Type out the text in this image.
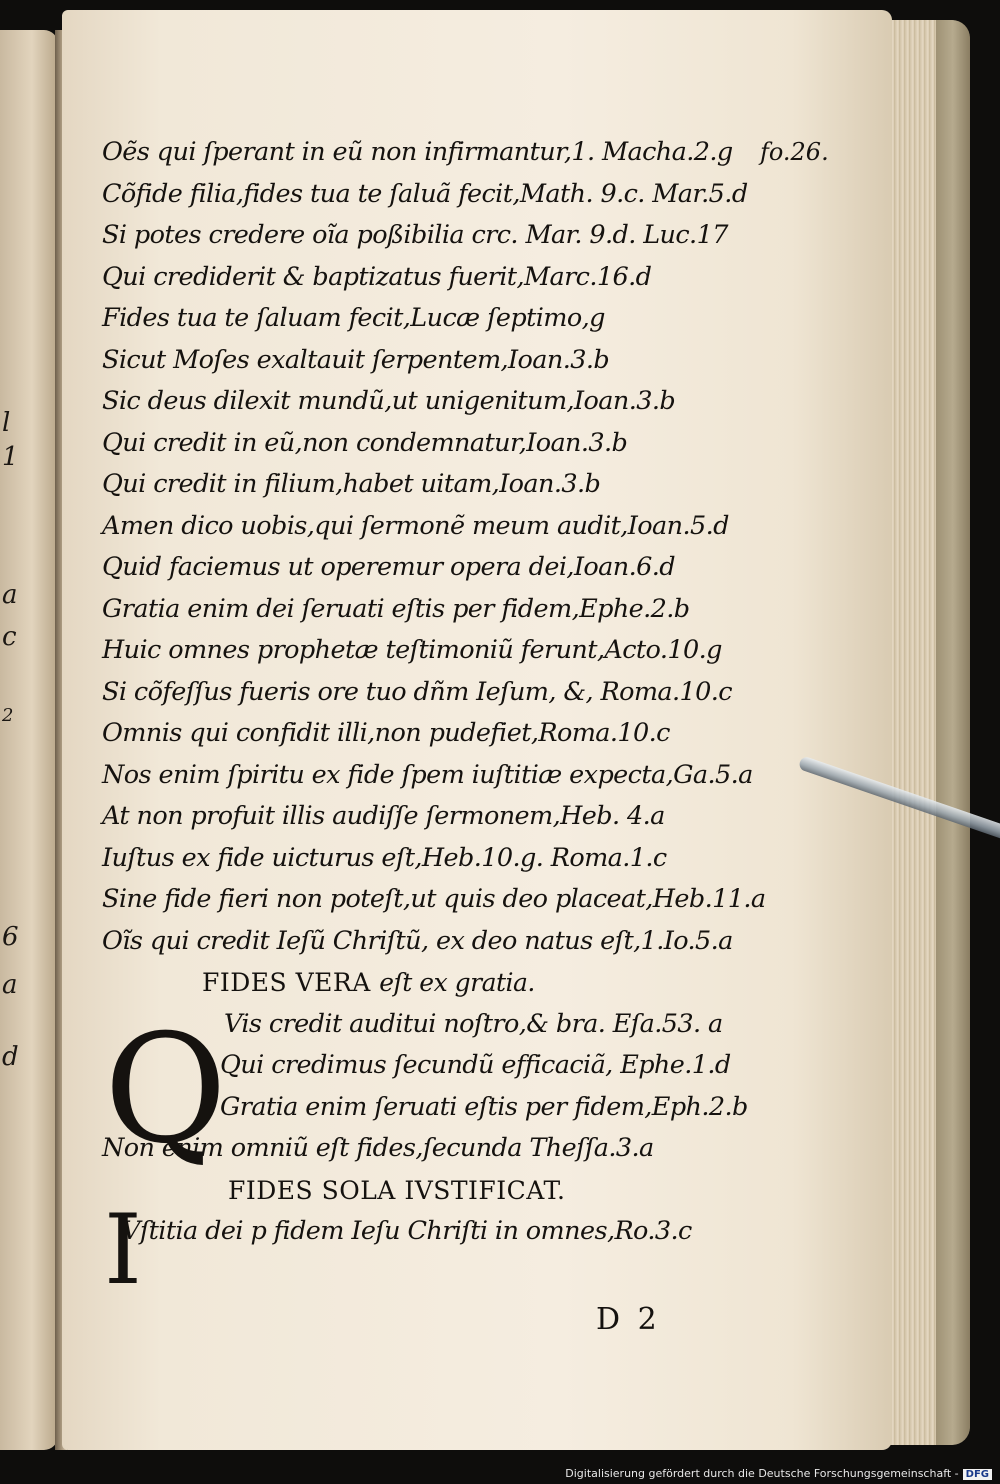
l
1
a
c
2
6
a
d
fo.26.
Oẽs qui ſperant in eũ non infirmantur,1. Macha.2.g
Cõfide filia,fides tua te ſaluã fecit,Math. 9.c. Mar.5.d
Si potes credere oĩa poßibilia crc. Mar. 9.d. Luc.17
Qui crediderit & baptizatus fuerit,Marc.16.d
Fides tua te ſaluam fecit,Lucæ ſeptimo,g
Sicut Moſes exaltauit ſerpentem,Ioan.3.b
Sic deus dilexit mundũ,ut unigenitum,Ioan.3.b
Qui credit in eũ,non condemnatur,Ioan.3.b
Qui credit in filium,habet uitam,Ioan.3.b
Amen dico uobis,qui ſermonẽ meum audit,Ioan.5.d
Quid faciemus ut operemur opera dei,Ioan.6.d
Gratia enim dei ſeruati eſtis per fidem,Ephe.2.b
Huic omnes prophetæ teſtimoniũ ferunt,Acto.10.g
Si cõfeſſus fueris ore tuo dñm Ieſum, &, Roma.10.c
Omnis qui confidit illi,non pudefiet,Roma.10.c
Nos enim ſpiritu ex fide ſpem iuſtitiæ expecta,Ga.5.a
At non profuit illis audiſſe ſermonem,Heb. 4.a
Iuſtus ex fide uicturus eſt,Heb.10.g. Roma.1.c
Sine fide fieri non poteſt,ut quis deo placeat,Heb.11.a
Oĩs qui credit Ieſũ Chriſtũ, ex deo natus eſt,1.Io.5.a
FIDES VERA eſt ex gratia.
Vis credit auditui noſtro,& bra. Eſa.53. a
Qui credimus ſecundũ efficaciã, Ephe.1.d
Gratia enim ſeruati eſtis per fidem,Eph.2.b
Non enim omniũ eſt fides,ſecunda Theſſa.3.a
FIDES SOLA IVSTIFICAT.
Vſtitia dei p fidem Ieſu Chriſti in omnes,Ro.3.c
Q
I
D 2
Digitalisierung gefördert durch die Deutsche Forschungsgemeinschaft - DFG
